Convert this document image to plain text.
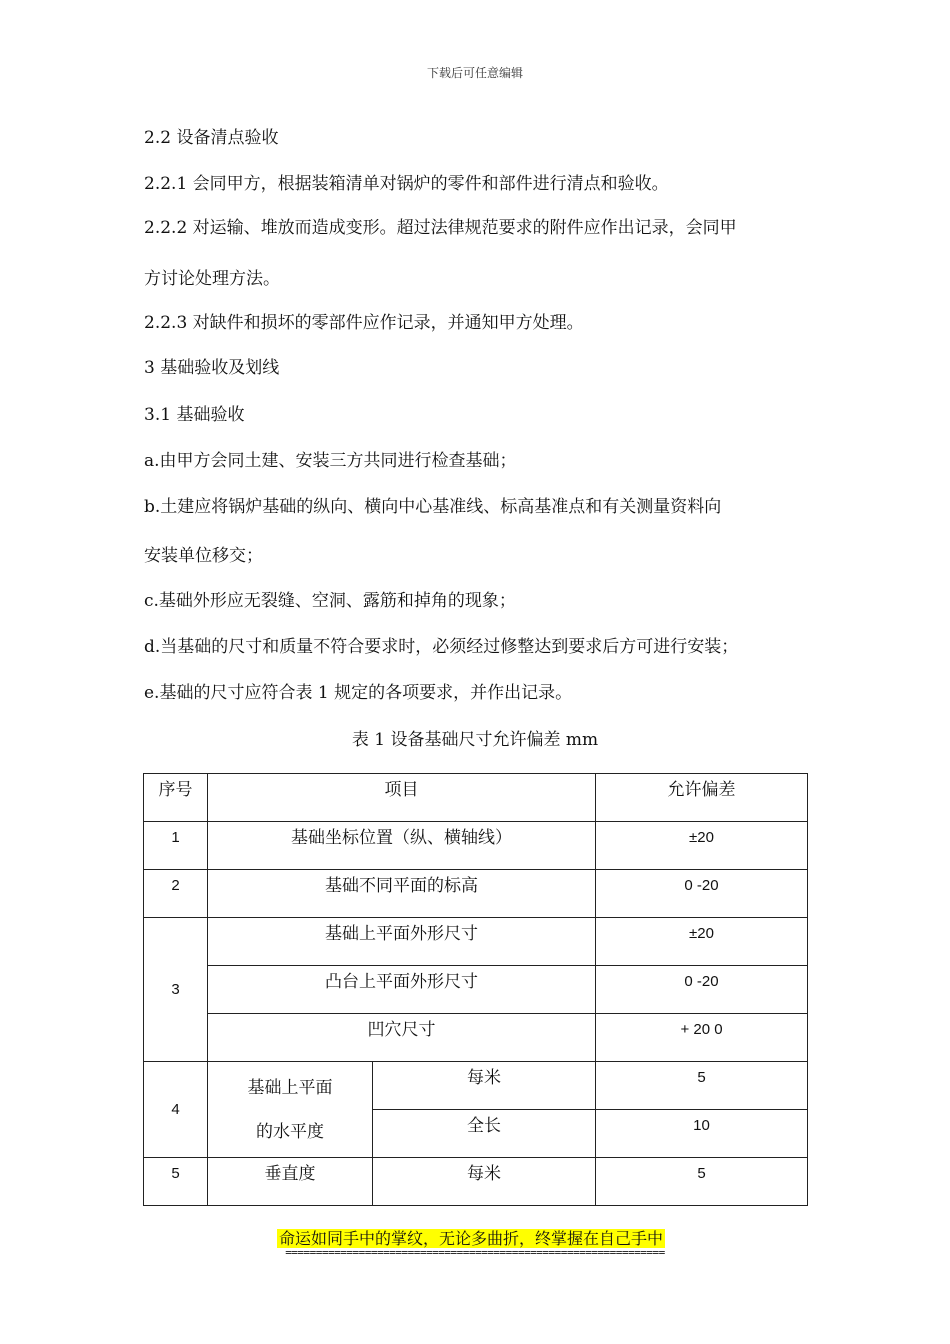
下载后可任意编辑
2.2 设备清点验收
2.2.1 会同甲方，根据装箱清单对锅炉的零件和部件进行清点和验收。
2.2.2 对运输、堆放而造成变形。超过法律规范要求的附件应作出记录，会同甲
方讨论处理方法。
2.2.3 对缺件和损坏的零部件应作记录，并通知甲方处理。
3 基础验收及划线
3.1 基础验收
a.由甲方会同土建、安装三方共同进行检查基础；
b.土建应将锅炉基础的纵向、横向中心基准线、标高基准点和有关测量资料向
安装单位移交；
c.基础外形应无裂缝、空洞、露筋和掉角的现象；
d.当基础的尺寸和质量不符合要求时，必须经过修整达到要求后方可进行安装；
e.基础的尺寸应符合表 1 规定的各项要求，并作出记录。
表 1 设备基础尺寸允许偏差 mm
序号	项目		允许偏差
1	基础坐标位置（纵、横轴线）		±20
2	基础不同平面的标高		0 -20
3	基础上平面外形尺寸		±20
	凸台上平面外形尺寸		0 -20
	凹穴尺寸		+ 20 0
4	基础上平面
的水平度	每米	5
		全长	10
5	垂直度	每米	5
命运如同手中的掌纹，无论多曲折，终掌握在自己手中
==============================================================
